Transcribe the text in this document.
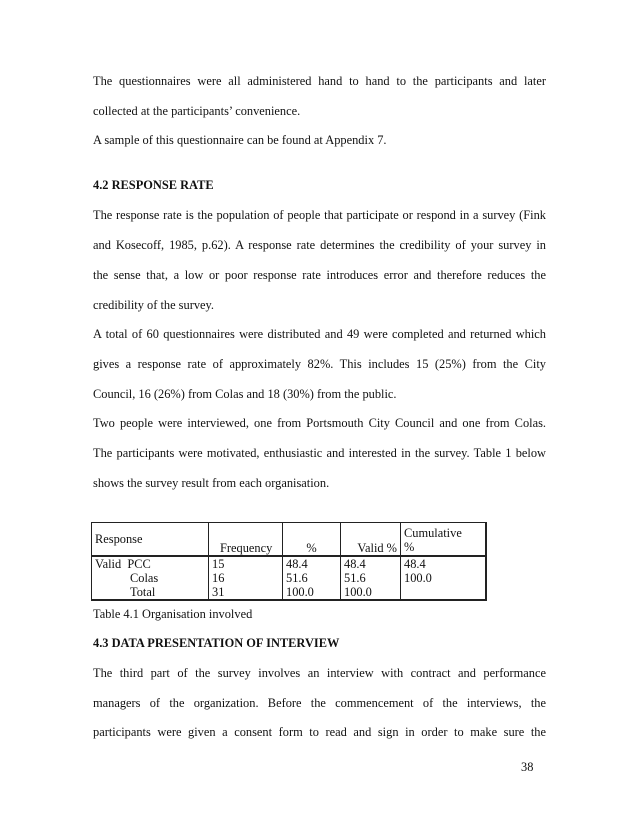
The questionnaires were all administered hand to hand to the participants and later
collected at the participants’ convenience.
A sample of this questionnaire can be found at Appendix 7.
4.2 RESPONSE RATE
The response rate is the population of people that participate or respond in a survey (Fink
and Kosecoff, 1985, p.62). A response rate determines the credibility of your survey in
the sense that, a low or poor response rate introduces error and therefore reduces the
credibility of the survey.
A total of 60 questionnaires were distributed and 49 were completed and returned which
gives a response rate of approximately 82%. This includes 15 (25%) from the City
Council, 16 (26%) from Colas and 18 (30%) from the public.
Two people were interviewed, one from Portsmouth City Council and one from Colas.
The participants were motivated, enthusiastic and interested in the survey. Table 1 below
shows the survey result from each organisation.
Response	Frequency	%	Valid %	Cumulative
%

Valid PCC	15	48.4	48.4	48.4
Colas	16	51.6	51.6	100.0
Total	31	100.0	100.0	
Table 4.1 Organisation involved
4.3 DATA PRESENTATION OF INTERVIEW
The third part of the survey involves an interview with contract and performance
managers of the organization. Before the commencement of the interviews, the
participants were given a consent form to read and sign in order to make sure the
38
